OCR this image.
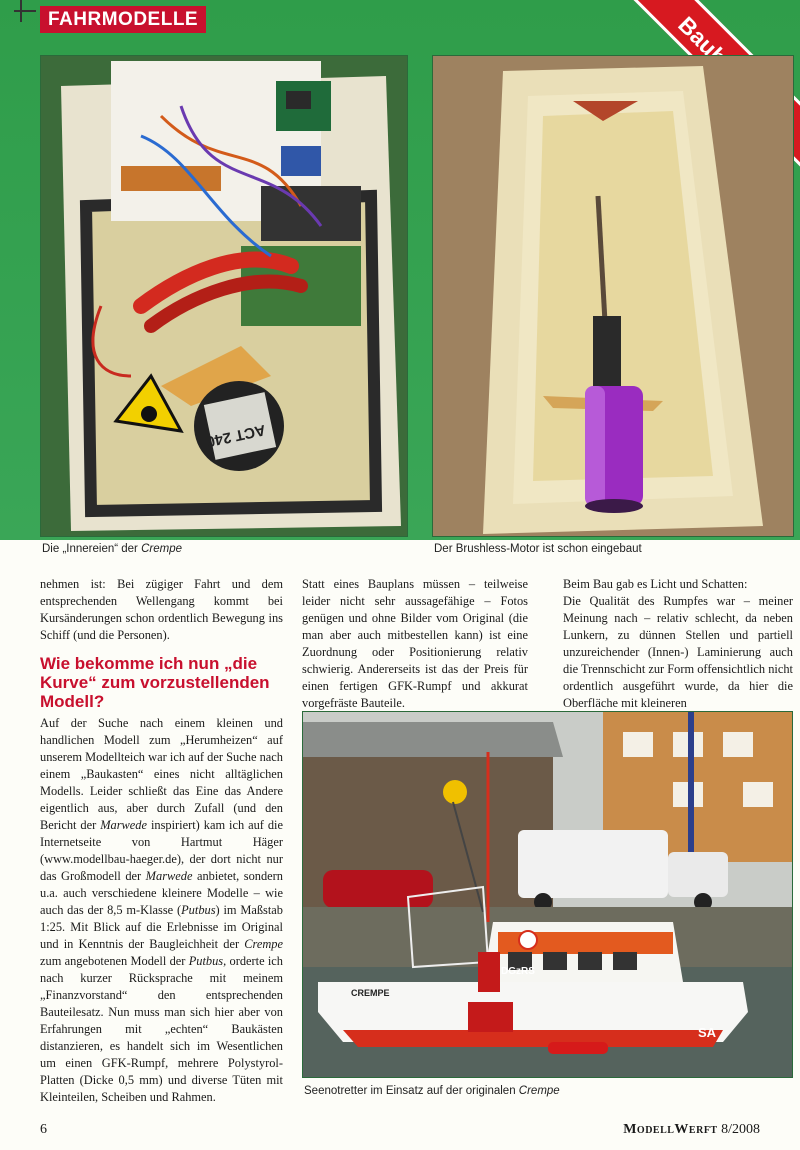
FAHRMODELLE
ACT 240
Die „Innereien“ der Crempe	Der Brushless-Motor ist schon eingebaut

nehmen ist: Bei zügiger Fahrt und dem entsprechenden Wellengang kommt bei Kursänderungen schon ordentlich Bewegung ins Schiff (und die Personen).

Wie bekomme ich nun „die Kurve“ zum vorzustellenden Modell?

Auf der Suche nach einem kleinen und handlichen Modell zum „Herumheizen“ auf unserem Modellteich war ich auf der Suche nach einem „Baukasten“ eines nicht alltäglichen Modells. Leider schließt das Eine das Andere eigentlich aus, aber durch Zufall (und den Bericht der Marwede inspiriert) kam ich auf die Internetseite von Hartmut Häger (www.modellbau-haeger.de), der dort nicht nur das Großmodell der Marwede anbietet, sondern u.a. auch verschiedene kleinere Modelle – wie auch das der 8,5 m-Klasse (Putbus) im Maßstab 1:25. Mit Blick auf die Erlebnisse im Original und in Kenntnis der Baugleichheit der Crempe zum angebotenen Modell der Putbus, orderte ich nach kurzer Rücksprache mit meinem „Finanzvorstand“ den entsprechenden Bauteilesatz. Nun muss man sich hier aber von Erfahrungen mit „echten“ Baukästen distanzieren, es handelt sich im Wesentlichen um einen GFK-Rumpf, mehrere Polystyrol-Platten (Dicke 0,5 mm) und diverse Tüten mit Kleinteilen, Scheiben und Rahmen.

Statt eines Bauplans müssen – teilweise leider nicht sehr aussagefähige – Fotos genügen und ohne Bilder vom Original (die man aber auch mitbestellen kann) ist eine Zuordnung oder Positionierung relativ schwierig. Andererseits ist das der Preis für einen fertigen GFK-Rumpf und akkurat vorgefräste Bauteile.

Beim Bau gab es Licht und Schatten:

Die Qualität des Rumpfes war – meiner Meinung nach – relativ schlecht, da neben Lunkern, zu dünnen Stellen und partiell unzureichender (Innen-) Laminierung auch die Trennschicht zur Form offensichtlich nicht ordentlich ausgeführt wurde, da hier die Oberfläche mit kleineren

DGzRS
CREMPE
SA
Seenotretter im Einsatz auf der originalen Crempe
6	ModellWerft 8/2008
